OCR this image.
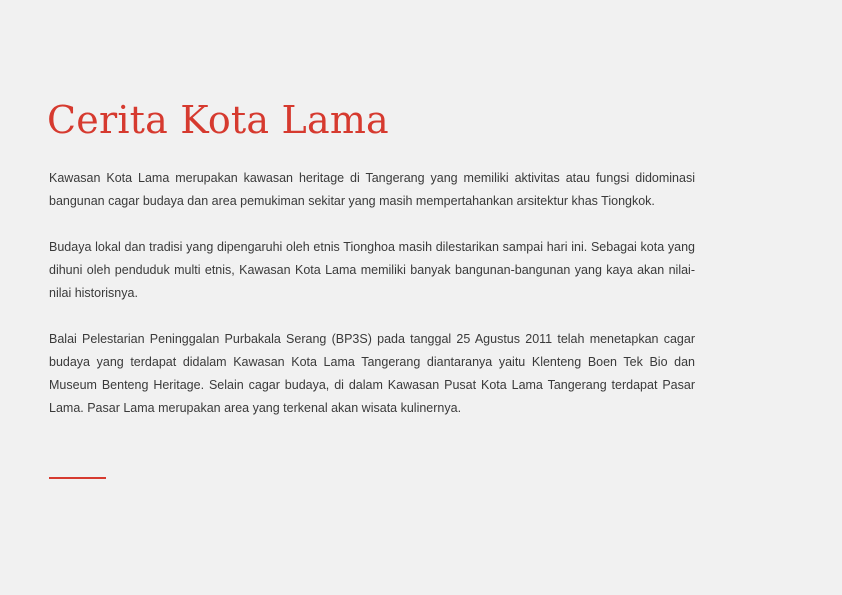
Cerita Kota Lama

Kawasan Kota Lama merupakan kawasan heritage di Tangerang yang memiliki aktivitas atau fungsi didominasi bangunan cagar budaya dan area pemukiman sekitar yang masih mempertahankan arsitektur khas Tiongkok.

Budaya lokal dan tradisi yang dipengaruhi oleh etnis Tionghoa masih dilestarikan sampai hari ini. Sebagai kota yang dihuni oleh penduduk multi etnis, Kawasan Kota Lama memiliki banyak bangunan-bangunan yang kaya akan nilai-nilai historisnya.

Balai Pelestarian Peninggalan Purbakala Serang (BP3S) pada tanggal 25 Agustus 2011 telah menetapkan cagar budaya yang terdapat didalam Kawasan Kota Lama Tangerang diantaranya yaitu Klenteng Boen Tek Bio dan Museum Benteng Heritage. Selain cagar budaya, di dalam Kawasan Pusat Kota Lama Tangerang terdapat Pasar Lama. Pasar Lama merupakan area yang terkenal akan wisata kulinernya.
